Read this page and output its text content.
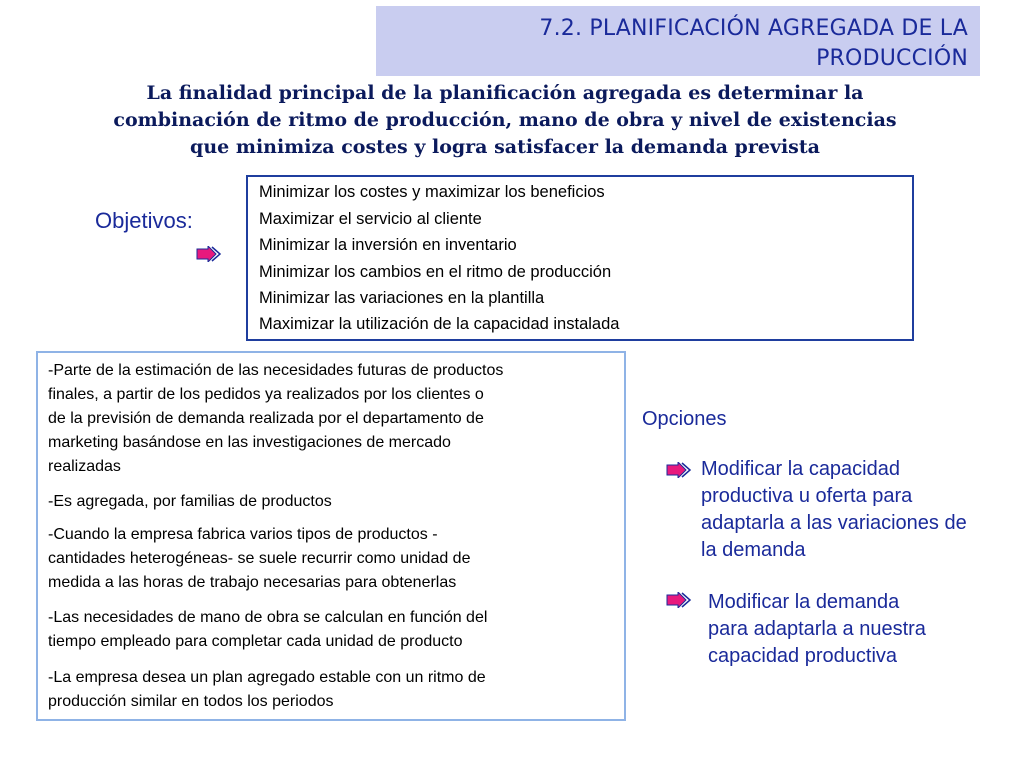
7.2. PLANIFICACIÓN AGREGADA DE LA
PRODUCCIÓN
La finalidad principal de la planificación agregada es determinar la
combinación de ritmo de producción, mano de obra y nivel de existencias
que minimiza costes y logra satisfacer la demanda prevista
Objetivos:
Minimizar los costes y maximizar los beneficios
Maximizar el servicio al cliente
Minimizar la inversión en inventario
Minimizar los cambios en el ritmo de producción
Minimizar las variaciones en la plantilla
Maximizar la utilización de la capacidad instalada
-Parte de la estimación de las necesidades futuras de productos
finales, a partir de los pedidos ya realizados por los clientes o
de la previsión de demanda realizada por el departamento de
marketing basándose en las investigaciones de mercado
realizadas
-Es agregada, por familias de productos
-Cuando la empresa fabrica varios tipos de productos -
cantidades heterogéneas- se suele recurrir como unidad de
medida a las horas de trabajo necesarias para obtenerlas
-Las necesidades de mano de obra se calculan en función del
tiempo empleado para completar cada unidad de producto
-La empresa desea un plan agregado estable con un ritmo de
producción similar en todos los periodos
Opciones
Modificar la capacidad
productiva u oferta para
adaptarla a las variaciones de
la demanda
Modificar la demanda
para adaptarla a nuestra
capacidad productiva
